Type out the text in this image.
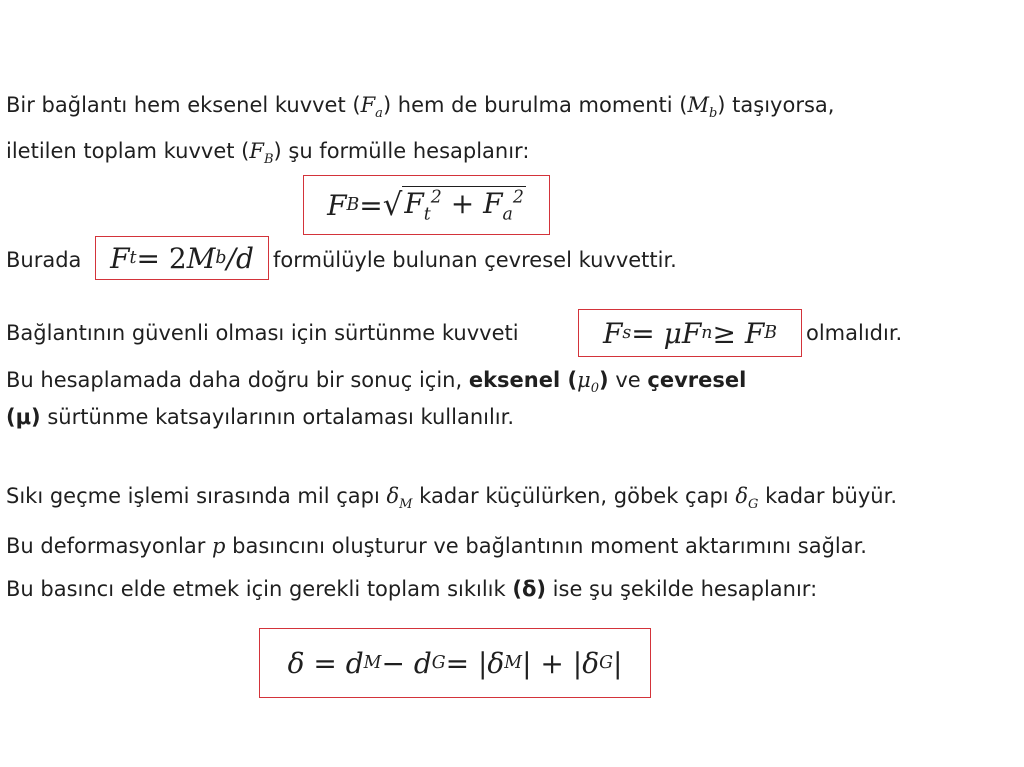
Bir bağlantı hem eksenel kuvvet $(F_a)$ hem de burulma momenti $(M_b)$ taşıyorsa,
iletilen toplam kuvvet $(F_B)$ şu formülle hesaplanır:
F B = √ $F_t^2 + F_a^2$
Burada F t = 2 M b /d formülüyle bulunan çevresel kuvvettir.
Bağlantının güvenli olması için sürtünme kuvveti	F s = μF n ≥ F B olmalıdır.
Bu hesaplamada daha doğru bir sonuç için, eksenel $(\mu_0)$ ve çevresel
(μ) sürtünme katsayılarının ortalaması kullanılır.
Sıkı geçme işlemi sırasında mil çapı $\delta_M$ kadar küçülürken, göbek çapı $\delta_G$ kadar büyür.
Bu deformasyonlar p basıncını oluşturur ve bağlantının moment aktarımını sağlar.
Bu basıncı elde etmek için gerekli toplam sıkılık (δ) ise şu şekilde hesaplanır:
δ = d M − d G = |δ M | + |δ G |
